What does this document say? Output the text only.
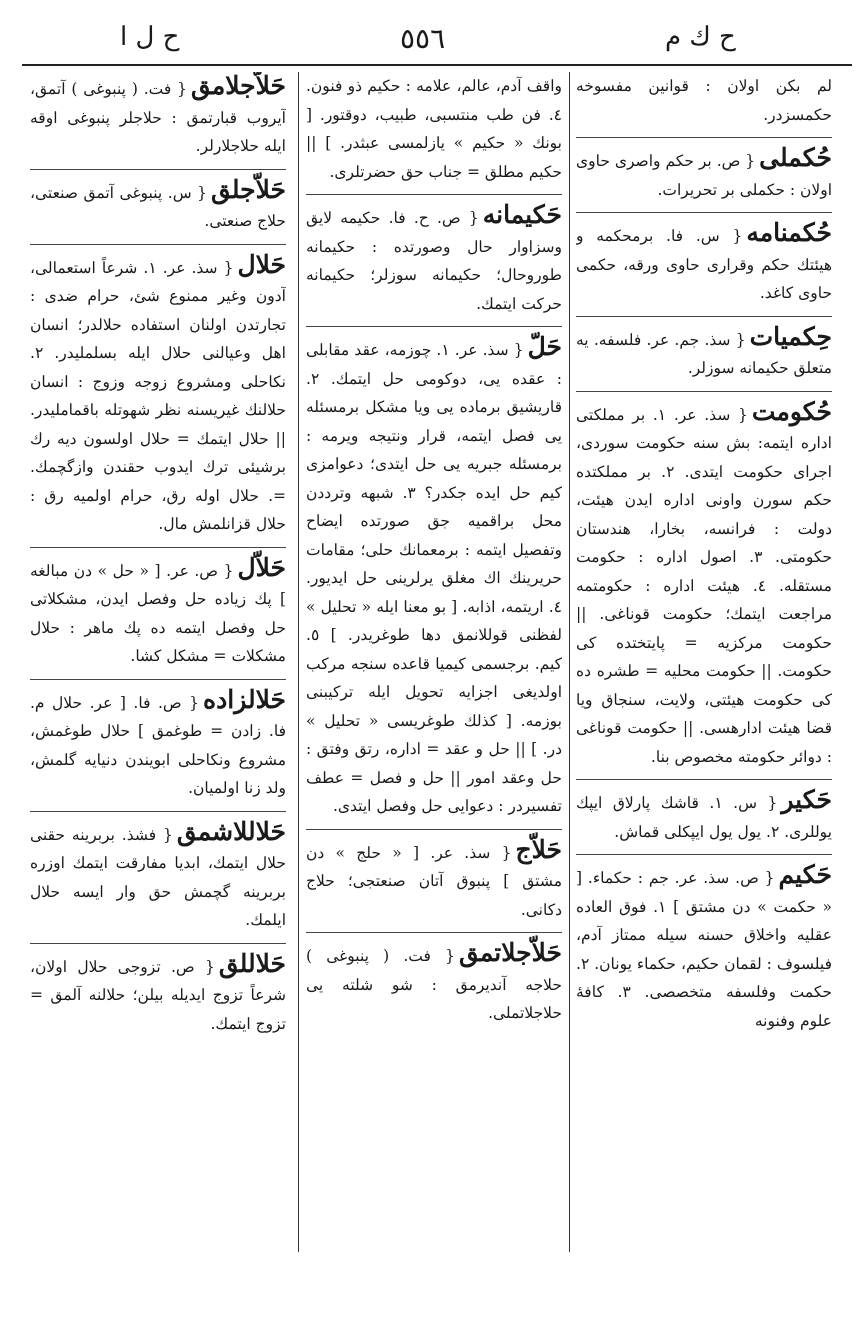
ح ل ا	٥٥٦	ح ك م
لم بكن اولان : قوانين مفسوخه حكمسزدر.
حُكملى{ ص. بر حكم واصرى حاوى اولان : حكملى بر تحريرات.
حُكمنامه{ س. فا. برمحكمه و هيئتك حكم وقرارى حاوى ورقه، حكمى حاوى كاغد.
حِكميات{ سذ. جم. عر. فلسفه. يه متعلق حكيمانه سوزلر.
حُكومت{ سذ. عر. ١. بر مملكتى اداره ايتمه: بش سنه حكومت سوردى، اجراى حكومت ايتدى. ٢. بر مملكتده حكم سورن واونى اداره ايدن هيئت، دولت : فرانسه، بخارا، هندستان حكومتى. ٣. اصول اداره : حكومت مستقله. ٤. هيئت اداره : حكومتمه مراجعت ايتمك؛ حكومت قوناغى. || حكومت مركزيه = پايتختده كى حكومت. || حكومت محليه = طشره ده كى حكومت هيئتى، ولايت، سنجاق ويا قضا هيئت ادارهسى. || حكومت قوناغى : دوائر حكومته مخصوص بنا.
حَكير{ س. ١. قاشك پارلاق ايپك يوللرى. ٢. يول يول ايپكلى قماش.
حَكيم{ ص. سذ. عر. جم : حكماء. [ « حكمت » دن مشتق ] ١. فوق العاده عقليه واخلاق حسنه سيله ممتاز آدم، فيلسوف : لقمان حكيم، حكماء يونان. ٢. حكمت وفلسفه متخصصى. ٣. كافهٔ علوم وفنونه
واقف آدم، عالم، علامه : حكيم ذو فنون. ٤. فن طب منتسبى، طبيب، دوقتور. [ بونك « حكيم » يازلمسى عبثدر. ] || حكيم مطلق = جناب حق حضرتلرى.
حَكيمانه{ ص. ح. فا. حكيمه لايق وسزاوار حال وصورتده : حكيمانه طوروحال؛ حكيمانه سوزلر؛ حكيمانه حركت ايتمك.
حَلّ{ سذ. عر. ١. چوزمه، عقد مقابلى : عقده يى، دوكومى حل ايتمك. ٢. قاريشيق برماده يى ويا مشكل برمسئله يى فصل ايتمه، قرار ونتيجه ويرمه : برمسئله جبريه يى حل ايتدى؛ دعوامزى كيم حل ايده جكدر؟ ٣. شبهه وترددن محل براقميه جق صورتده ايضاح وتفصيل ايتمه : برمعمانك حلى؛ مقامات حريرينك اك مغلق يرلرينى حل ايديور. ٤. اريتمه، اذابه. [ بو معنا ايله « تحليل » لفظنى قوللانمق دها طوغريدر. ] ٥. كيم. برجسمى كيميا قاعده سنجه مركب اولديغى اجزايه تحويل ايله تركيبنى بوزمه. [ كذلك طوغريسى « تحليل » در. ] || حل و عقد = اداره، رتق وفتق : حل وعقد امور || حل و فصل = عطف تفسيردر : دعوايى حل وفصل ايتدى.
حَلاّج{ سذ. عر. [ « حلج » دن مشتق ] پنبوق آتان صنعتجى؛ حلاج دكانى.
حَلاّجلاتمق{ فت. ( پنبوغى ) حلاجه آنديرمق : شو شلته يى حلاجلاتملى.
حَلاّجلامق{ فت. ( پنبوغى ) آتمق، آيروب قبارتمق : حلاجلر پنبوغى اوقه ايله حلاجلارلر.
حَلاّجلق{ س. پنبوغى آتمق صنعتى، حلاج صنعتى.
حَلال{ سذ. عر. ١. شرعاً استعمالى، آدون وغير ممنوع شئ، حرام ضدى : تجارتدن اولنان استفاده حلالدر؛ انسان اهل وعيالنى حلال ايله بسلمليدر. ٢. نكاحلى ومشروع زوجه وزوج : انسان حلالنك غيريسنه نظر شهوتله باقماملیدر. || حلال ايتمك = حلال اولسون ديه رك برشيئى ترك ايدوب حقندن وازگچمك. =. حلال اوله رق، حرام اولميه رق : حلال قزانلمش مال.
حَلاّل{ ص. عر. [ « حل » دن مبالغه ] پك زياده حل وفصل ايدن، مشكلاتى حل وفصل ايتمه ده پك ماهر : حلال مشكلات = مشكل كشا.
حَلالزاده{ ص. فا. [ عر. حلال م. فا. زادن = طوغمق ] حلال طوغمش، مشروع ونكاحلى ابويندن دنيايه گلمش، ولد زنا اولميان.
حَلاللاشمق{ فشذ. بربرينه حقنى حلال ايتمك، ابديا مفارقت ايتمك اوزره بربرينه گچمش حق وار ايسه حلال ايلمك.
حَلاللق{ ص. تزوجى حلال اولان، شرعاً تزوج ايديله بيلن؛ حلالنه آلمق = تزوج ايتمك.
